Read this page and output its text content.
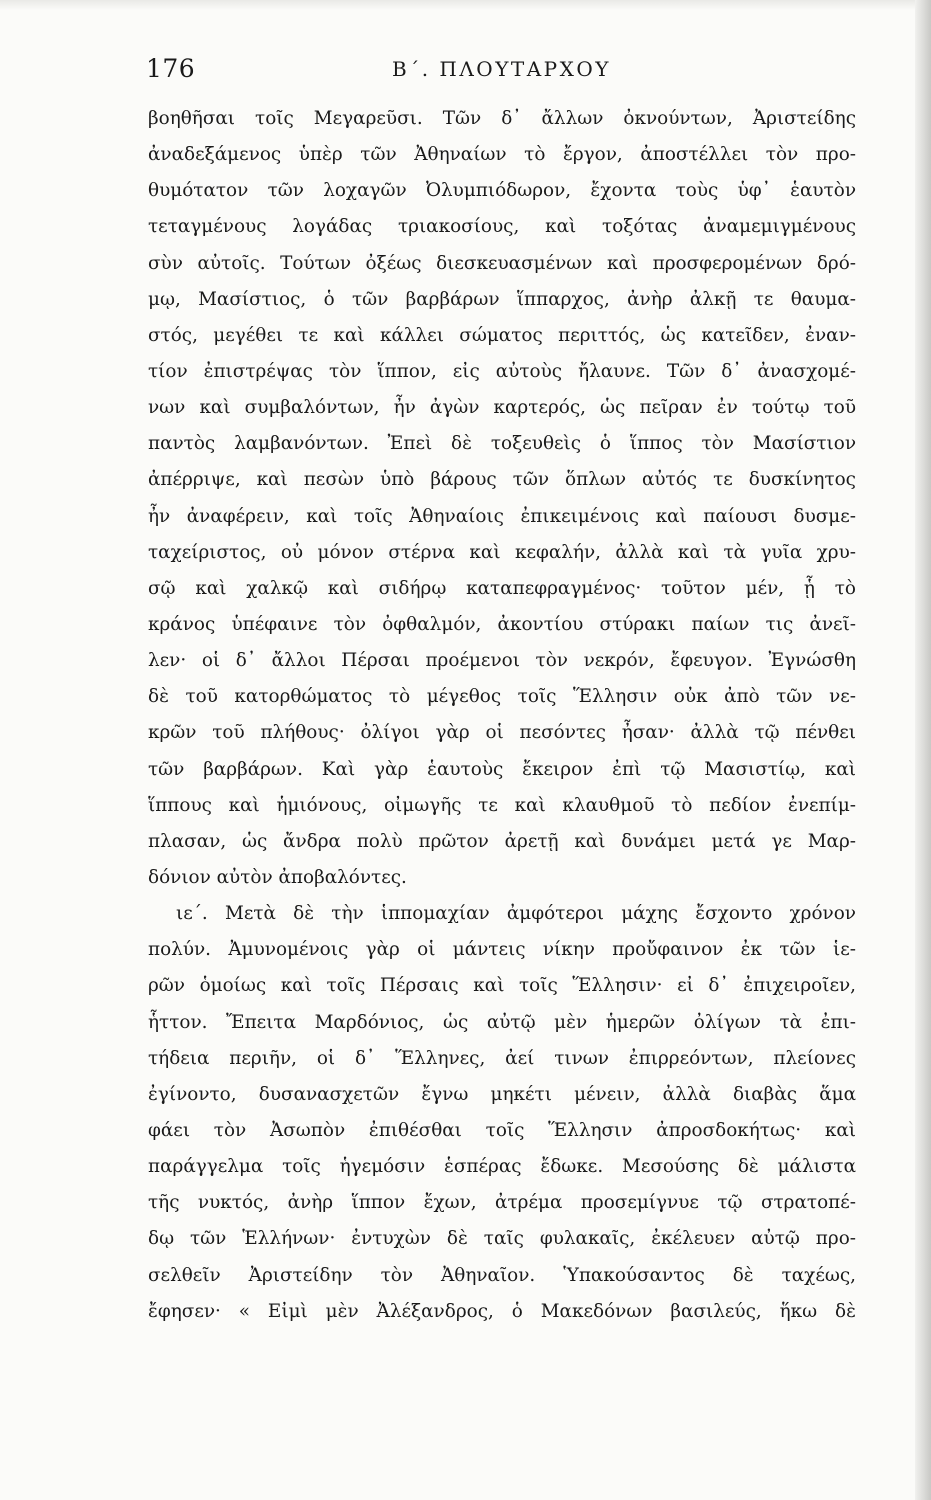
176	Β΄. ΠΛΟΥΤΑΡΧΟΥ
βοηθῆσαι τοῖς Μεγαρεῦσι. Τῶν δ᾽ ἄλλων ὀκνούντων, Ἀριστείδης
ἀναδεξάμενος ὑπὲρ τῶν Ἀθηναίων τὸ ἔργον, ἀποστέλλει τὸν προ-
θυμότατον τῶν λοχαγῶν Ὀλυμπιόδωρον, ἔχοντα τοὺς ὑφ᾽ ἑαυτὸν
τεταγμένους λογάδας τριακοσίους, καὶ τοξότας ἀναμεμιγμένους
σὺν αὐτοῖς. Τούτων ὀξέως διεσκευασμένων καὶ προσφερομένων δρό-
μῳ, Μασίστιος, ὁ τῶν βαρβάρων ἵππαρχος, ἀνὴρ ἀλκῇ τε θαυμα-
στός, μεγέθει τε καὶ κάλλει σώματος περιττός, ὡς κατεῖδεν, ἐναν-
τίον ἐπιστρέψας τὸν ἵππον, εἰς αὐτοὺς ἤλαυνε. Τῶν δ᾽ ἀνασχομέ-
νων καὶ συμβαλόντων, ἦν ἀγὼν καρτερός, ὡς πεῖραν ἐν τούτῳ τοῦ
παντὸς λαμβανόντων. Ἐπεὶ δὲ τοξευθεὶς ὁ ἵππος τὸν Μασίστιον
ἀπέρριψε, καὶ πεσὼν ὑπὸ βάρους τῶν ὅπλων αὐτός τε δυσκίνητος
ἦν ἀναφέρειν, καὶ τοῖς Ἀθηναίοις ἐπικειμένοις καὶ παίουσι δυσμε-
ταχείριστος, οὐ μόνον στέρνα καὶ κεφαλήν, ἀλλὰ καὶ τὰ γυῖα χρυ-
σῷ καὶ χαλκῷ καὶ σιδήρῳ καταπεφραγμένος· τοῦτον μέν, ᾗ τὸ
κράνος ὑπέφαινε τὸν ὀφθαλμόν, ἀκοντίου στύρακι παίων τις ἀνεῖ-
λεν· οἱ δ᾽ ἄλλοι Πέρσαι προέμενοι τὸν νεκρόν, ἔφευγον. Ἐγνώσθη
δὲ τοῦ κατορθώματος τὸ μέγεθος τοῖς Ἕλλησιν οὐκ ἀπὸ τῶν νε-
κρῶν τοῦ πλήθους· ὀλίγοι γὰρ οἱ πεσόντες ἦσαν· ἀλλὰ τῷ πένθει
τῶν βαρβάρων. Καὶ γὰρ ἑαυτοὺς ἔκειρον ἐπὶ τῷ Μασιστίῳ, καὶ
ἵππους καὶ ἡμιόνους, οἰμωγῆς τε καὶ κλαυθμοῦ τὸ πεδίον ἐνεπίμ-
πλασαν, ὡς ἄνδρα πολὺ πρῶτον ἀρετῇ καὶ δυνάμει μετά γε Μαρ-
δόνιον αὐτὸν ἀποβαλόντες.
ιε΄. Μετὰ δὲ τὴν ἱππομαχίαν ἀμφότεροι μάχης ἔσχοντο χρόνον
πολύν. Ἀμυνομένοις γὰρ οἱ μάντεις νίκην προὔφαινον ἐκ τῶν ἱε-
ρῶν ὁμοίως καὶ τοῖς Πέρσαις καὶ τοῖς Ἕλλησιν· εἰ δ᾽ ἐπιχειροῖεν,
ἧττον. Ἔπειτα Μαρδόνιος, ὡς αὐτῷ μὲν ἡμερῶν ὀλίγων τὰ ἐπι-
τήδεια περιῆν, οἱ δ᾽ Ἕλληνες, ἀεί τινων ἐπιρρεόντων, πλείονες
ἐγίνοντο, δυσανασχετῶν ἔγνω μηκέτι μένειν, ἀλλὰ διαβὰς ἅμα
φάει τὸν Ἀσωπὸν ἐπιθέσθαι τοῖς Ἕλλησιν ἀπροσδοκήτως· καὶ
παράγγελμα τοῖς ἡγεμόσιν ἑσπέρας ἔδωκε. Μεσούσης δὲ μάλιστα
τῆς νυκτός, ἀνὴρ ἵππον ἔχων, ἀτρέμα προσεμίγνυε τῷ στρατοπέ-
δῳ τῶν Ἑλλήνων· ἐντυχὼν δὲ ταῖς φυλακαῖς, ἐκέλευεν αὐτῷ προ-
σελθεῖν Ἀριστείδην τὸν Ἀθηναῖον. Ὑπακούσαντος δὲ ταχέως,
ἔφησεν· « Εἰμὶ μὲν Ἀλέξανδρος, ὁ Μακεδόνων βασιλεύς, ἥκω δὲ
